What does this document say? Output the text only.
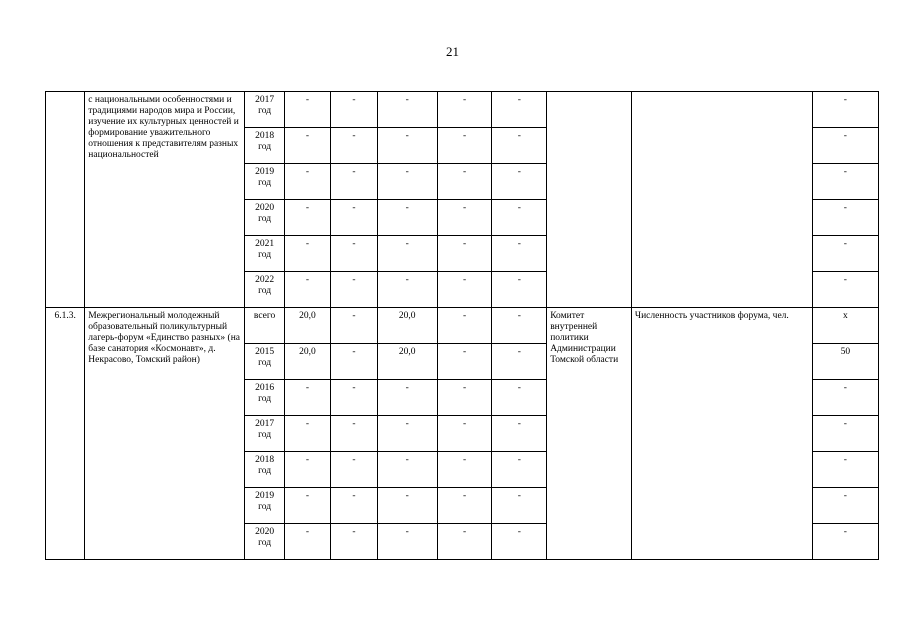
21
	с национальными особенностями и традициями народов мира и России, изучение их культурных ценностей и формирование уважительного отношения к представителям разных национальностей	2017 год	-	-	-	-	-			-
		2018 год	-	-	-	-	-			-
		2019 год	-	-	-	-	-			-
		2020 год	-	-	-	-	-			-
		2021 год	-	-	-	-	-			-
		2022 год	-	-	-	-	-			-
6.1.3.	Межрегиональный молодежный образовательный поликультурный лагерь-форум «Единство разных» (на базе санатория «Космонавт», д. Некрасово, Томский район)	всего	20,0	-	20,0	-	-	Комитет внутренней политики Администрации Томской области	Численность участников форума, чел.	х
		2015 год	20,0	-	20,0	-	-			50
		2016 год	-	-	-	-	-			-
		2017 год	-	-	-	-	-			-
		2018 год	-	-	-	-	-			-
		2019 год	-	-	-	-	-			-
		2020 год	-	-	-	-	-			-
